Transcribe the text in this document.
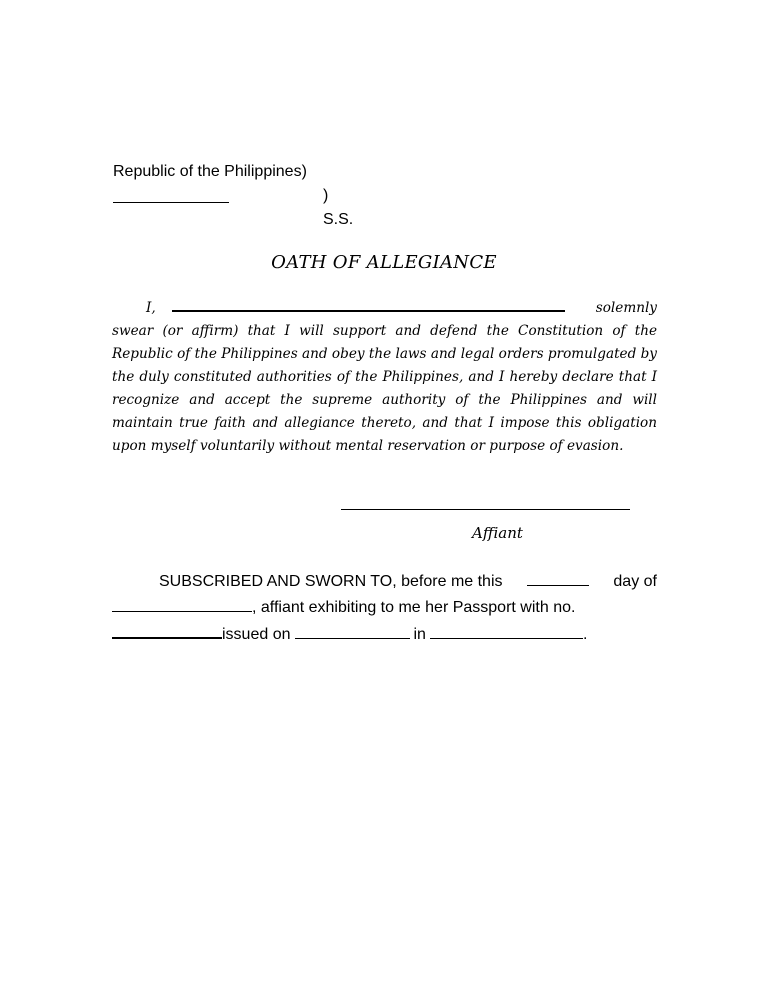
Republic of the Philippines)
) S.S.
OATH OF ALLEGIANCE
I,	solemnly
swear (or affirm) that I will support and defend the Constitution of the Republic of the Philippines and obey the laws and legal orders promulgated by the duly constituted authorities of the Philippines, and I hereby declare that I recognize and accept the supreme authority of the Philippines and will maintain true faith and allegiance thereto, and that I impose this obligation upon myself voluntarily without mental reservation or purpose of evasion.
Affiant
SUBSCRIBED AND SWORN TO, before me this	day of
, affiant exhibiting to me her Passport with no.
issued on	in	.
